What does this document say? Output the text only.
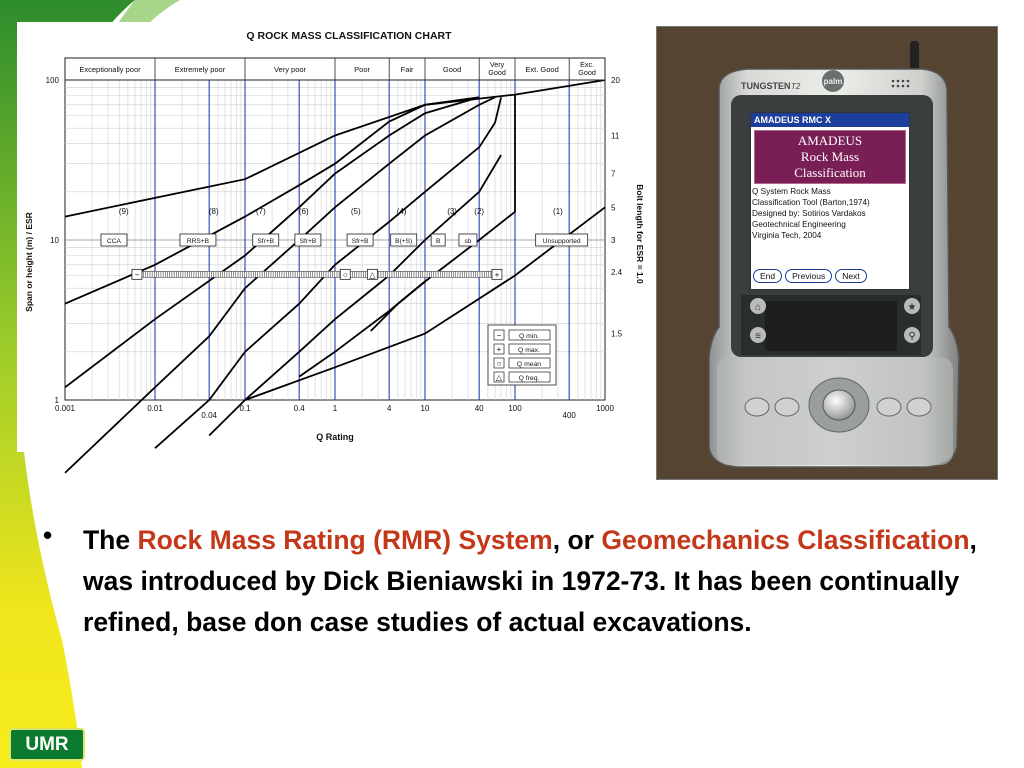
Q ROCK MASS CLASSIFICATION CHART
Exceptionally poor	Extremely poor	Very poor	Poor	Fair	Good
Very
Good	Ext. Good
Exc.
Good
(9)	(8)	(7)	(6)	(5)	(4)	(3) (2)	(1)
CCA	RRS+B	Sfr+B	Sfr+B	Sfr+B	B(+S)	B	sb	Unsupported
−	○	△	+
0.001	0.01
0.04
0.1	0.4	1	4	10	40	100
400
1000
100
10
1
20
11
7
5
3
2.4
1.5
−	Q min.
+ Q max.
○ Q mean
△ Q freq.
Q Rating
Span or height (m) / ESR	Bolt length for ESR = 1.0
TUNGSTEN T2
palm
⌂	★
≡	⚲
AMADEUS RMC X
AMADEUS
Rock Mass
Classification
Q System Rock Mass
Classification Tool (Barton,1974)
Designed by: Sotirios Vardakos
Geotechnical Engineering
Virginia Tech, 2004
End	Previous	Next
• The Rock Mass Rating (RMR) System, or Geomechanics Classification, was introduced by Dick Bieniawski in 1972-73. It has been continually refined, base don case studies of actual excavations.
UMR
